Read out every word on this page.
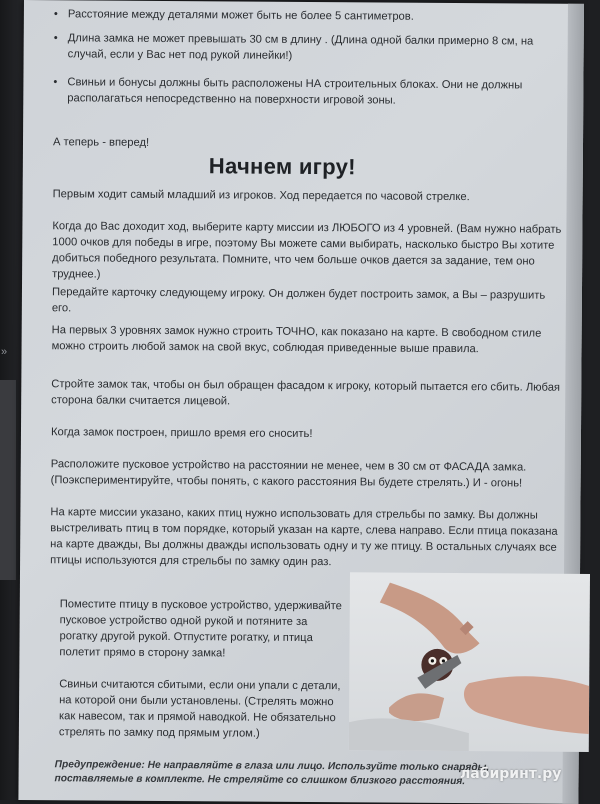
»
• Расстояние между деталями может быть не более 5 сантиметров.
• Длина замка не может превышать 30 см в длину . (Длина одной балки примерно 8 см, на случай, если у Вас нет под рукой линейки!)
• Свиньи и бонусы должны быть расположены НА строительных блоках. Они не должны располагаться непосредственно на поверхности игровой зоны.
А теперь - вперед!
Начнем игру!
Первым ходит самый младший из игроков. Ход передается по часовой стрелке.
Когда до Вас доходит ход, выберите карту миссии из ЛЮБОГО из 4 уровней. (Вам нужно набрать 1000 очков для победы в игре, поэтому Вы можете сами выбирать, насколько быстро Вы хотите добиться победного результата. Помните, что чем больше очков дается за задание, тем оно труднее.)
Передайте карточку следующему игроку. Он должен будет построить замок, а Вы – разрушить его.
На первых 3 уровнях замок нужно строить ТОЧНО, как показано на карте. В свободном стиле можно строить любой замок на свой вкус, соблюдая приведенные выше правила.
Стройте замок так, чтобы он был обращен фасадом к игроку, который пытается его сбить. Любая сторона балки считается лицевой.
Когда замок построен, пришло время его сносить!
Расположите пусковое устройство на расстоянии не менее, чем в 30 см от ФАСАДА замка. (Поэкспериментируйте, чтобы понять, с какого расстояния Вы будете стрелять.) И - огонь!
На карте миссии указано, каких птиц нужно использовать для стрельбы по замку. Вы должны выстреливать птиц в том порядке, который указан на карте, слева направо. Если птица показана на карте дважды, Вы должны дважды использовать одну и ту же птицу. В остальных случаях все птицы используются для стрельбы по замку один раз.
Поместите птицу в пусковое устройство, удерживайте пусковое устройство одной рукой и потяните за рогатку другой рукой. Отпустите рогатку, и птица полетит прямо в сторону замка!
Свиньи считаются сбитыми, если они упали с детали, на которой они были установлены. (Стрелять можно как навесом, так и прямой наводкой. Не обязательно стрелять по замку под прямым углом.)
Предупреждение: Не направляйте в глаза или лицо. Используйте только снаряды, поставляемые в комплекте. Не стреляйте со слишком близкого расстояния.
лабиринт.ру
